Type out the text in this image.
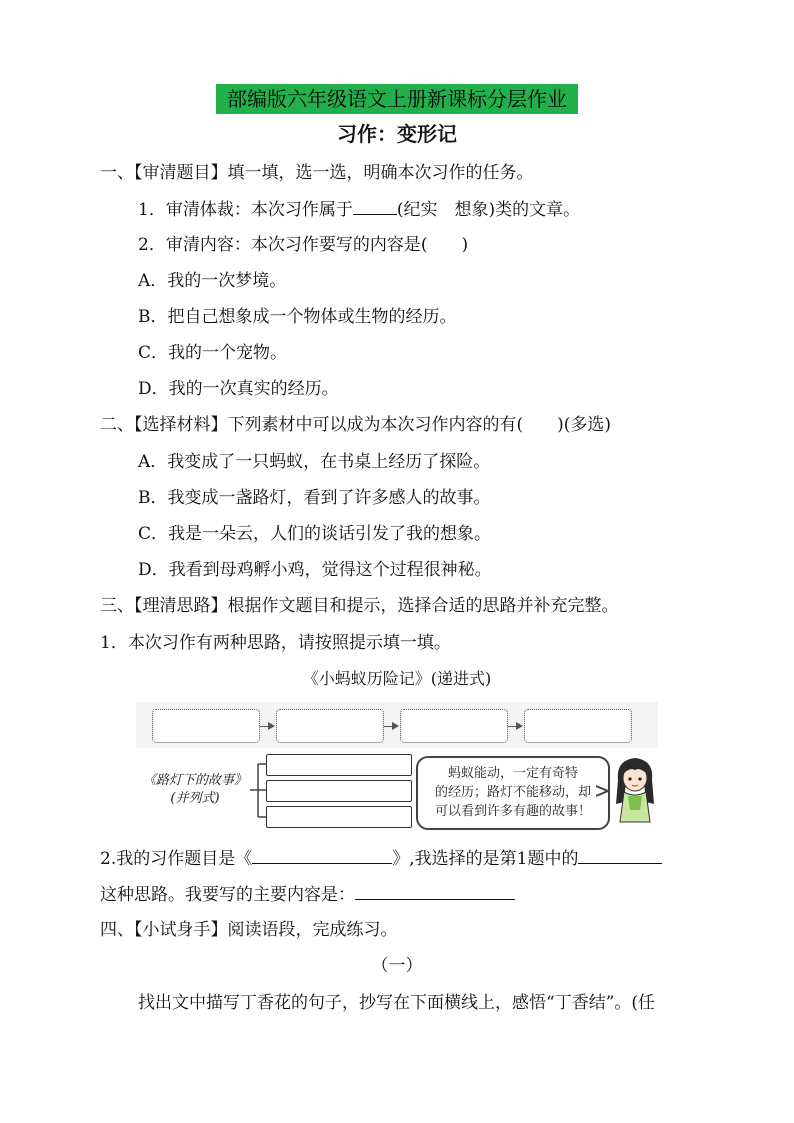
部编版六年级语文上册新课标分层作业
习作：变形记
一、【审清题目】填一填，选一选，明确本次习作的任务。
1．审清体裁：本次习作属于	(纪实　想象)类的文章。
2．审清内容：本次习作要写的内容是(　　)
A．我的一次梦境。
B．把自己想象成一个物体或生物的经历。
C．我的一个宠物。
D．我的一次真实的经历。
二、【选择材料】下列素材中可以成为本次习作内容的有(　　)(多选)
A．我变成了一只蚂蚁，在书桌上经历了探险。
B．我变成一盏路灯，看到了许多感人的故事。
C．我是一朵云，人们的谈话引发了我的想象。
D．我看到母鸡孵小鸡，觉得这个过程很神秘。
三、【理清思路】根据作文题目和提示，选择合适的思路并补充完整。
1．本次习作有两种思路，请按照提示填一填。
《小蚂蚁历险记》(递进式)
《路灯下的故事》
(并列式)
蚂蚁能动，一定有奇特
的经历；路灯不能移动，却
可以看到许多有趣的故事！
2.我的习作题目是《	》,我选择的是第1题中的
这种思路。我要写的主要内容是：
四、【小试身手】阅读语段，完成练习。
（一）
找出文中描写丁香花的句子，抄写在下面横线上，感悟“丁香结”。(任
